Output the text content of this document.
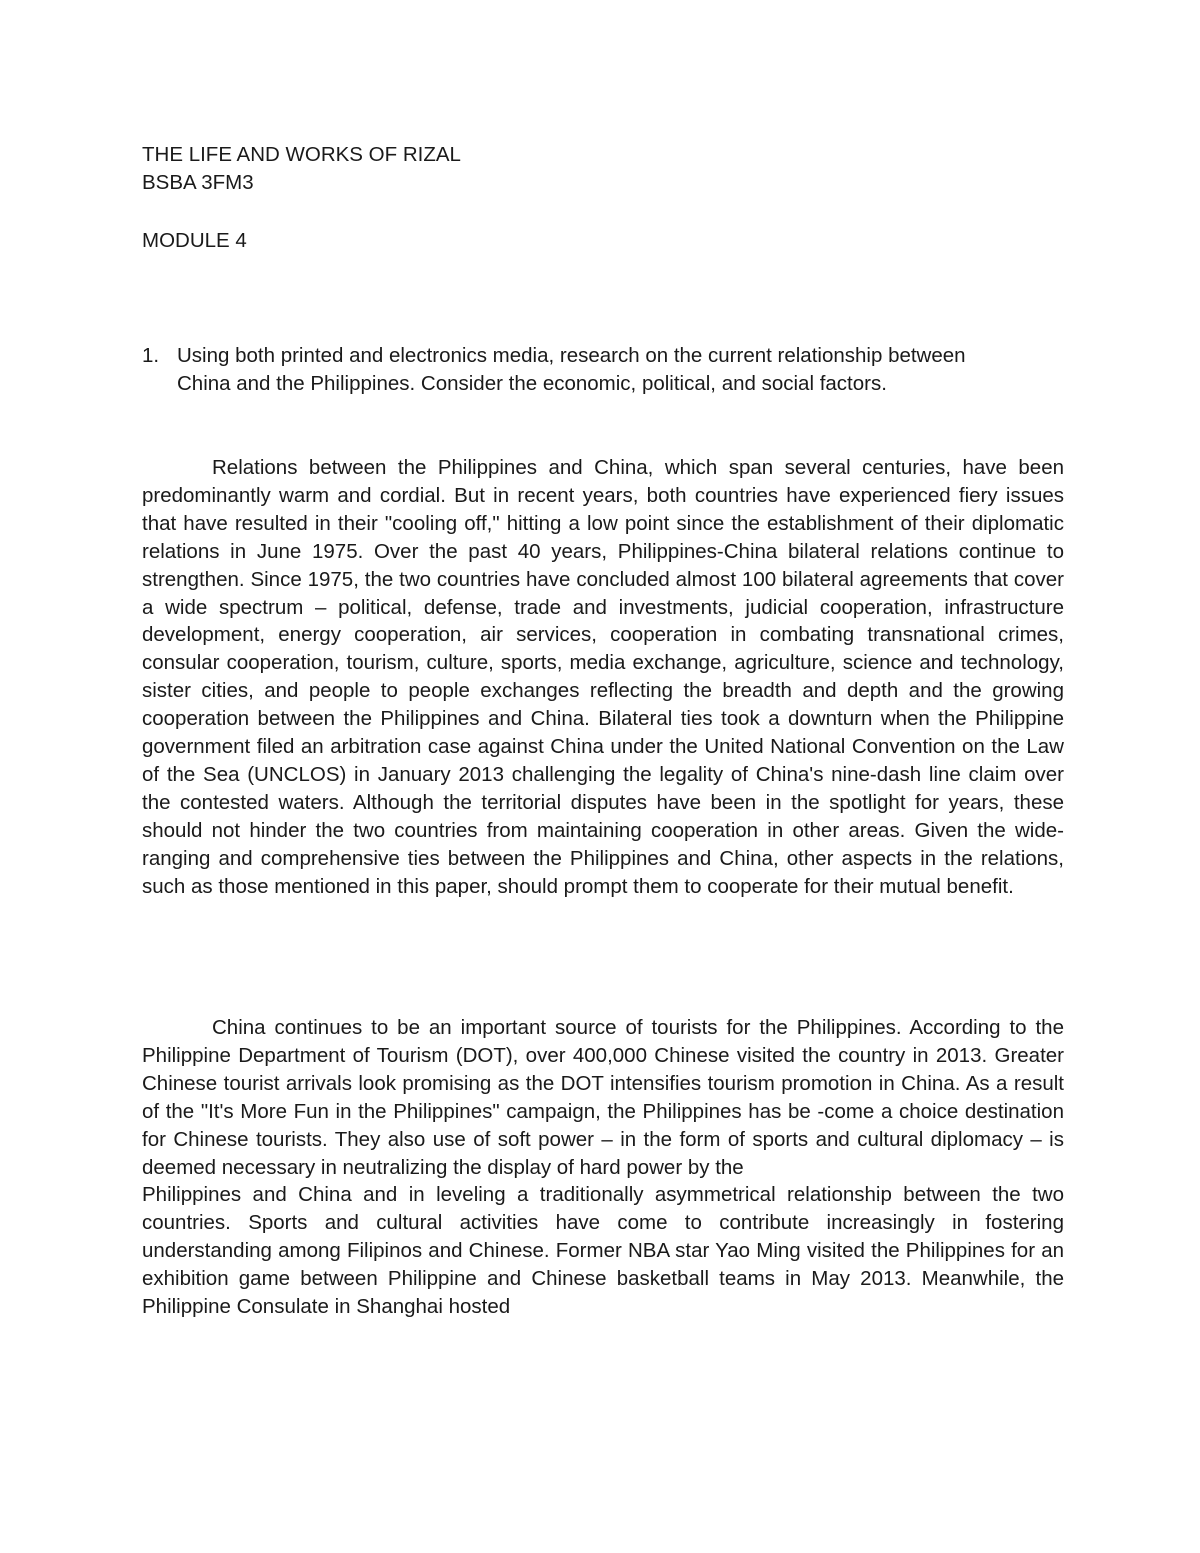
THE LIFE AND WORKS OF RIZAL
BSBA 3FM3
MODULE 4
1. Using both printed and electronics media, research on the current relationship between China and the Philippines. Consider the economic, political, and social factors.
Relations between the Philippines and China, which span several centuries, have been predominantly warm and cordial. But in recent years, both countries have experienced fiery issues that have resulted in their "cooling off," hitting a low point since the establishment of their diplomatic relations in June 1975. Over the past 40 years, Philippines-China bilateral relations continue to strengthen. Since 1975, the two countries have concluded almost 100 bilateral agreements that cover a wide spectrum – political, defense, trade and investments, judicial cooperation, infrastructure development, energy cooperation, air services, cooperation in combating transnational crimes, consular cooperation, tourism, culture, sports, media exchange, agriculture, science and technology, sister cities, and people to people exchanges reflecting the breadth and depth and the growing cooperation between the Philippines and China. Bilateral ties took a downturn when the Philippine government filed an arbitration case against China under the United National Convention on the Law of the Sea (UNCLOS) in January 2013 challenging the legality of China's nine-dash line claim over the contested waters. Although the territorial disputes have been in the spotlight for years, these should not hinder the two countries from maintaining cooperation in other areas. Given the wide-ranging and comprehensive ties between the Philippines and China, other aspects in the relations, such as those mentioned in this paper, should prompt them to cooperate for their mutual benefit.
China continues to be an important source of tourists for the Philippines. According to the Philippine Department of Tourism (DOT), over 400,000 Chinese visited the country in 2013. Greater Chinese tourist arrivals look promising as the DOT intensifies tourism promotion in China. As a result of the "It's More Fun in the Philippines" campaign, the Philippines has be -come a choice destination for Chinese tourists. They also use of soft power – in the form of sports and cultural diplomacy – is deemed necessary in neutralizing the display of hard power by the
Philippines and China and in leveling a traditionally asymmetrical relationship between the two countries. Sports and cultural activities have come to contribute increasingly in fostering understanding among Filipinos and Chinese. Former NBA star Yao Ming visited the Philippines for an exhibition game between Philippine and Chinese basketball teams in May 2013. Meanwhile, the Philippine Consulate in Shanghai hosted
